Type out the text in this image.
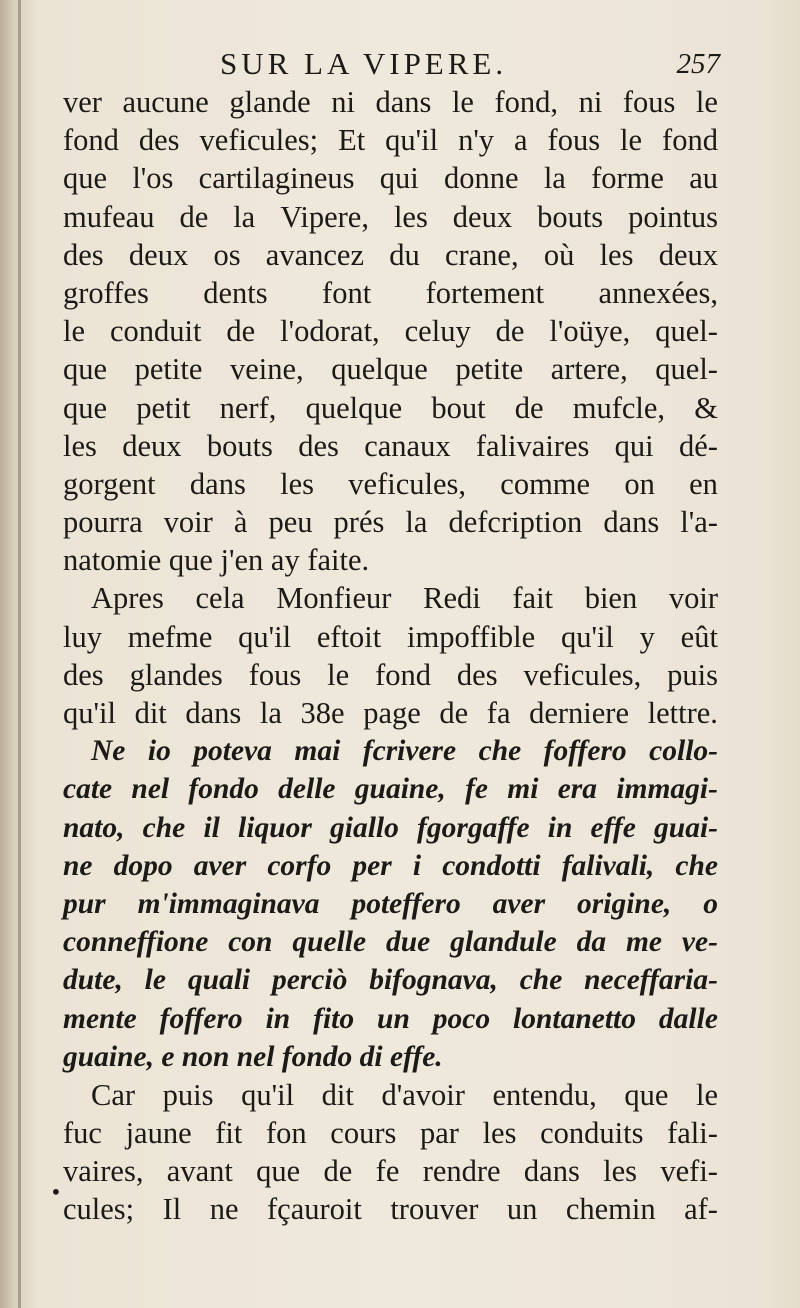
SUR LA VIPERE.	257
ver aucune glande ni dans le fond, ni fous le
fond des veficules; Et qu'il n'y a fous le fond
que l'os cartilagineus qui donne la forme au
mufeau de la Vipere, les deux bouts pointus
des deux os avancez du crane, où les deux
groffes dents font fortement annexées,
le conduit de l'odorat, celuy de l'oüye, quel-
que petite veine, quelque petite artere, quel-
que petit nerf, quelque bout de mufcle, &
les deux bouts des canaux falivaires qui dé-
gorgent dans les veficules, comme on en
pourra voir à peu prés la defcription dans l'a-
natomie que j'en ay faite.
Apres cela Monfieur Redi fait bien voir
luy mefme qu'il eftoit impoffible qu'il y eût
des glandes fous le fond des veficules, puis
qu'il dit dans la 38e page de fa derniere lettre.
Ne io poteva mai fcrivere che foffero collo-
cate nel fondo delle guaine, fe mi era immagi-
nato, che il liquor giallo fgorgaffe in effe guai-
ne dopo aver corfo per i condotti falivali, che
pur m'immaginava poteffero aver origine, o
conneffione con quelle due glandule da me ve-
dute, le quali perciò bifognava, che neceffaria-
mente foffero in fito un poco lontanetto dalle
guaine, e non nel fondo di effe.
Car puis qu'il dit d'avoir entendu, que le
fuc jaune fit fon cours par les conduits fali-
vaires, avant que de fe rendre dans les vefi-
cules; Il ne fçauroit trouver un chemin af-
•
